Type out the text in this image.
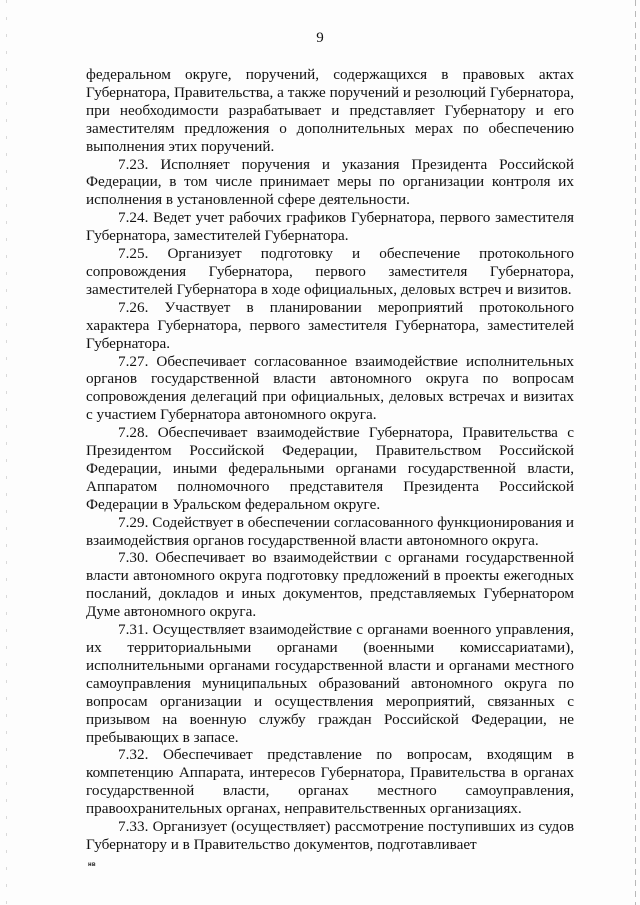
9

федеральном округе, поручений, содержащихся в правовых актах Губернатора, Правительства, а также поручений и резолюций Губернатора, при необходимости разрабатывает и представляет Губернатору и его заместителям предложения о дополнительных мерах по обеспечению выполнения этих поручений.

7.23. Исполняет поручения и указания Президента Российской Федерации, в том числе принимает меры по организации контроля их исполнения в установленной сфере деятельности.

7.24. Ведет учет рабочих графиков Губернатора, первого заместителя Губернатора, заместителей Губернатора.

7.25. Организует подготовку и обеспечение протокольного сопровождения Губернатора, первого заместителя Губернатора, заместителей Губернатора в ходе официальных, деловых встреч и визитов.

7.26. Участвует в планировании мероприятий протокольного характера Губернатора, первого заместителя Губернатора, заместителей Губернатора.

7.27. Обеспечивает согласованное взаимодействие исполнительных органов государственной власти автономного округа по вопросам сопровождения делегаций при официальных, деловых встречах и визитах с участием Губернатора автономного округа.

7.28. Обеспечивает взаимодействие Губернатора, Правительства с Президентом Российской Федерации, Правительством Российской Федерации, иными федеральными органами государственной власти, Аппаратом полномочного представителя Президента Российской Федерации в Уральском федеральном округе.

7.29. Содействует в обеспечении согласованного функционирования и взаимодействия органов государственной власти автономного округа.

7.30. Обеспечивает во взаимодействии с органами государственной власти автономного округа подготовку предложений в проекты ежегодных посланий, докладов и иных документов, представляемых Губернатором Думе автономного округа.

7.31. Осуществляет взаимодействие с органами военного управления, их территориальными органами (военными комиссариатами), исполнительными органами государственной власти и органами местного самоуправления муниципальных образований автономного округа по вопросам организации и осуществления мероприятий, связанных с призывом на военную службу граждан Российской Федерации, не пребывающих в запасе.

7.32. Обеспечивает представление по вопросам, входящим в компетенцию Аппарата, интересов Губернатора, Правительства в органах государственной власти, органах местного самоуправления, правоохранительных органах, неправительственных организациях.

7.33. Организует (осуществляет) рассмотрение поступивших из судов Губернатору и в Правительство документов, подготавливает

нв
